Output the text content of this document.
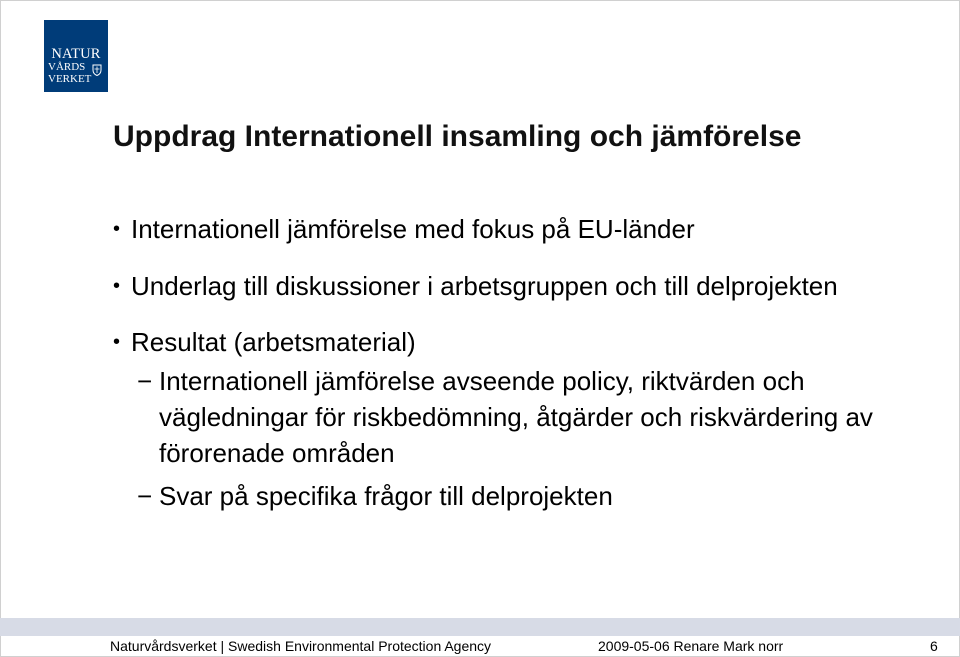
NATUR
VÅRDS
VERKET
Uppdrag Internationell insamling och jämförelse

• Internationell jämförelse med fokus på EU-länder

• Underlag till diskussioner i arbetsgruppen och till delprojekten

• Resultat (arbetsmaterial)

− Internationell jämförelse avseende policy, riktvärden och vägledningar för riskbedömning, åtgärder och riskvärdering av förorenade områden

− Svar på specifika frågor till delprojekten

Naturvårdsverket | Swedish Environmental Protection Agency	2009-05-06 Renare Mark norr	6
